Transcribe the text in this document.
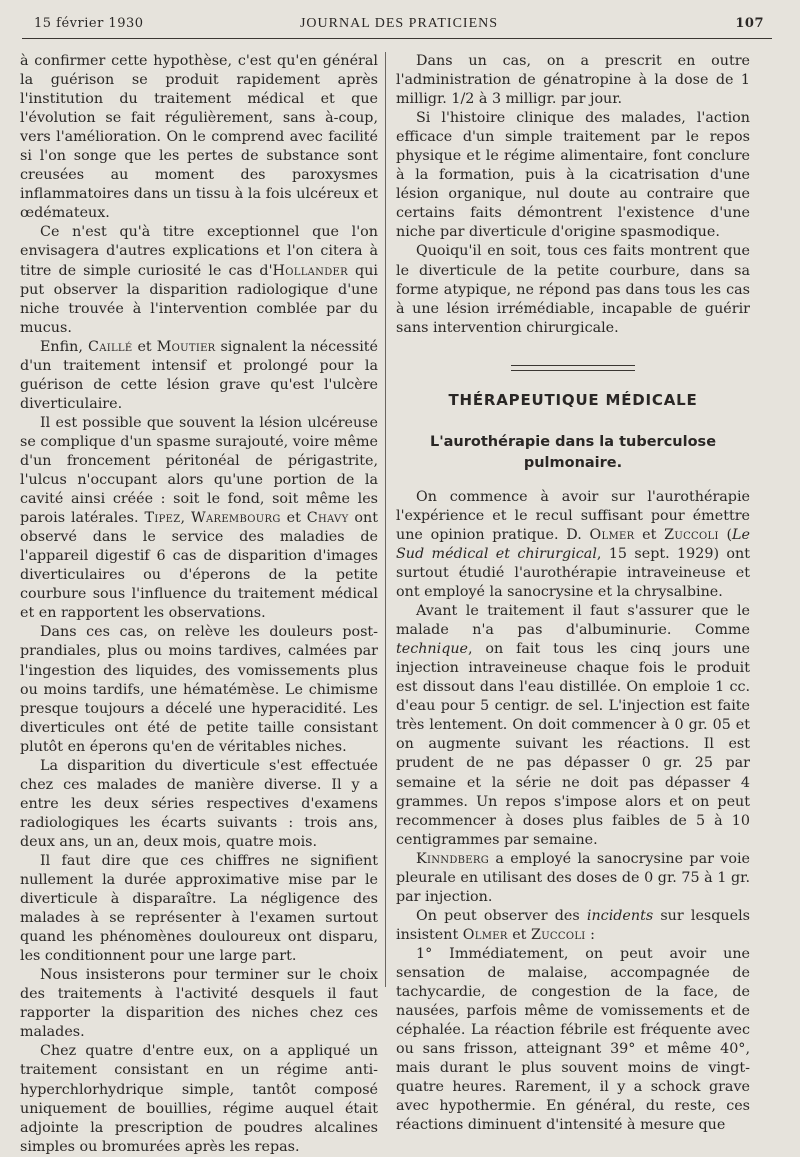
15 février 1930	JOURNAL DES PRATICIENS	107

à confirmer cette hypothèse, c'est qu'en général la guérison se produit rapidement après l'institution du traitement médical et que l'évolution se fait régulièrement, sans à-coup, vers l'amélioration. On le comprend avec facilité si l'on songe que les pertes de substance sont creusées au moment des paroxysmes inflammatoires dans un tissu à la fois ulcéreux et œdémateux.

Ce n'est qu'à titre exceptionnel que l'on envisagera d'autres explications et l'on citera à titre de simple curiosité le cas d'Hollander qui put observer la disparition radiologique d'une niche trouvée à l'intervention comblée par du mucus.

Enfin, Caillé et Moutier signalent la nécessité d'un traitement intensif et prolongé pour la guérison de cette lésion grave qu'est l'ulcère diverticulaire.

Il est possible que souvent la lésion ulcéreuse se complique d'un spasme surajouté, voire même d'un froncement péritonéal de périgastrite, l'ulcus n'occupant alors qu'une portion de la cavité ainsi créée : soit le fond, soit même les parois latérales. Tipez, Warembourg et Chavy ont observé dans le service des maladies de l'appareil digestif 6 cas de disparition d'images diverticulaires ou d'éperons de la petite courbure sous l'influence du traitement médical et en rapportent les observations.

Dans ces cas, on relève les douleurs post-prandiales, plus ou moins tardives, calmées par l'ingestion des liquides, des vomissements plus ou moins tardifs, une hématémèse. Le chimisme presque toujours a décelé une hyperacidité. Les diverticules ont été de petite taille consistant plutôt en éperons qu'en de véritables niches.

La disparition du diverticule s'est effectuée chez ces malades de manière diverse. Il y a entre les deux séries respectives d'examens radiologiques les écarts suivants : trois ans, deux ans, un an, deux mois, quatre mois.

Il faut dire que ces chiffres ne signifient nullement la durée approximative mise par le diverticule à disparaître. La négligence des malades à se représenter à l'examen surtout quand les phénomènes douloureux ont disparu, les conditionnent pour une large part.

Nous insisterons pour terminer sur le choix des traitements à l'activité desquels il faut rapporter la disparition des niches chez ces malades.

Chez quatre d'entre eux, on a appliqué un traitement consistant en un régime anti-hyperchlorhydrique simple, tantôt composé uniquement de bouillies, régime auquel était adjointe la prescription de poudres alcalines simples ou bromurées après les repas.

Dans un cas, on a prescrit en outre l'administration de génatropine à la dose de 1 milligr. 1/2 à 3 milligr. par jour.

Si l'histoire clinique des malades, l'action efficace d'un simple traitement par le repos physique et le régime alimentaire, font conclure à la formation, puis à la cicatrisation d'une lésion organique, nul doute au contraire que certains faits démontrent l'existence d'une niche par diverticule d'origine spasmodique.

Quoiqu'il en soit, tous ces faits montrent que le diverticule de la petite courbure, dans sa forme atypique, ne répond pas dans tous les cas à une lésion irrémédiable, incapable de guérir sans intervention chirurgicale.

THÉRAPEUTIQUE MÉDICALE
L'aurothérapie dans la tuberculose pulmonaire.

On commence à avoir sur l'aurothérapie l'expérience et le recul suffisant pour émettre une opinion pratique. D. Olmer et Zuccoli (Le Sud médical et chirurgical, 15 sept. 1929) ont surtout étudié l'aurothérapie intraveineuse et ont employé la sanocrysine et la chrysalbine.

Avant le traitement il faut s'assurer que le malade n'a pas d'albuminurie. Comme technique, on fait tous les cinq jours une injection intraveineuse chaque fois le produit est dissout dans l'eau distillée. On emploie 1 cc. d'eau pour 5 centigr. de sel. L'injection est faite très lentement. On doit commencer à 0 gr. 05 et on augmente suivant les réactions. Il est prudent de ne pas dépasser 0 gr. 25 par semaine et la série ne doit pas dépasser 4 grammes. Un repos s'impose alors et on peut recommencer à doses plus faibles de 5 à 10 centigrammes par semaine.

Kinndberg a employé la sanocrysine par voie pleurale en utilisant des doses de 0 gr. 75 à 1 gr. par injection.

On peut observer des incidents sur lesquels insistent Olmer et Zuccoli :

1° Immédiatement, on peut avoir une sensation de malaise, accompagnée de tachycardie, de congestion de la face, de nausées, parfois même de vomissements et de céphalée. La réaction fébrile est fréquente avec ou sans frisson, atteignant 39° et même 40°, mais durant le plus souvent moins de vingt-quatre heures. Rarement, il y a schock grave avec hypothermie. En général, du reste, ces réactions diminuent d'intensité à mesure que
